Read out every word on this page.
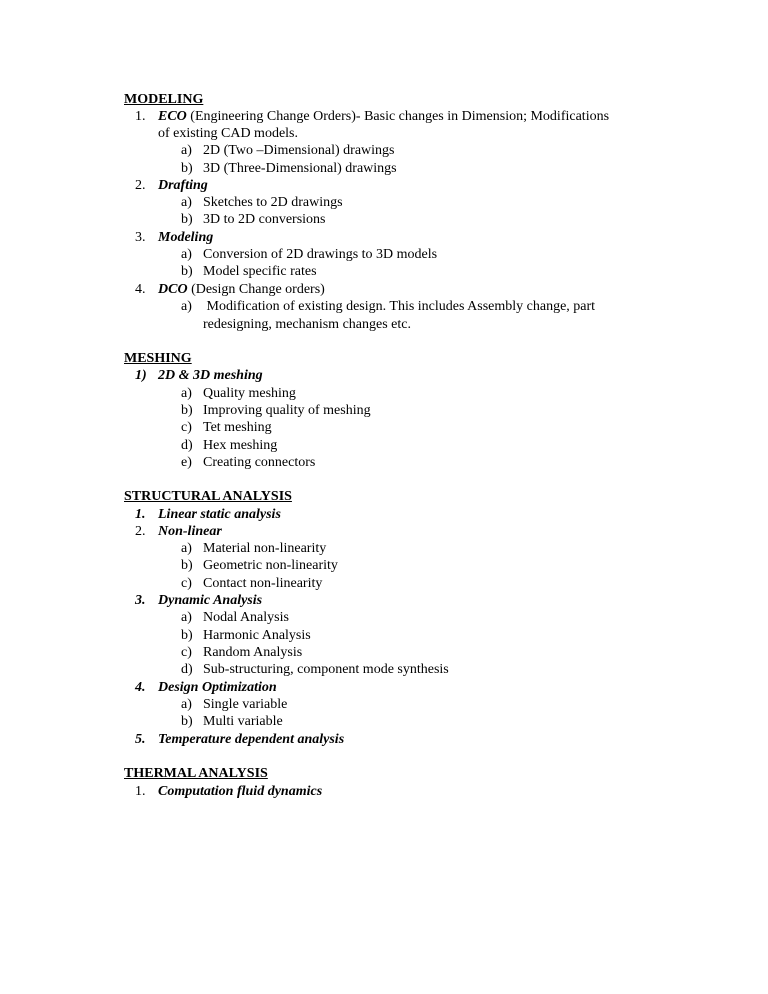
MODELING
1. ECO (Engineering Change Orders)- Basic changes in Dimension; Modifications
of existing CAD models.
a) 2D (Two –Dimensional) drawings
b) 3D (Three-Dimensional) drawings
2. Drafting
a) Sketches to 2D drawings
b) 3D to 2D conversions
3. Modeling
a) Conversion of 2D drawings to 3D models
b) Model specific rates
4. DCO (Design Change orders)
a) Modification of existing design. This includes Assembly change, part
redesigning, mechanism changes etc.
MESHING
1) 2D & 3D meshing
a) Quality meshing
b) Improving quality of meshing
c) Tet meshing
d) Hex meshing
e) Creating connectors
STRUCTURAL ANALYSIS
1. Linear static analysis
2. Non-linear
a) Material non-linearity
b) Geometric non-linearity
c) Contact non-linearity
3. Dynamic Analysis
a) Nodal Analysis
b) Harmonic Analysis
c) Random Analysis
d) Sub-structuring, component mode synthesis
4. Design Optimization
a) Single variable
b) Multi variable
5. Temperature dependent analysis
THERMAL ANALYSIS
1. Computation fluid dynamics
